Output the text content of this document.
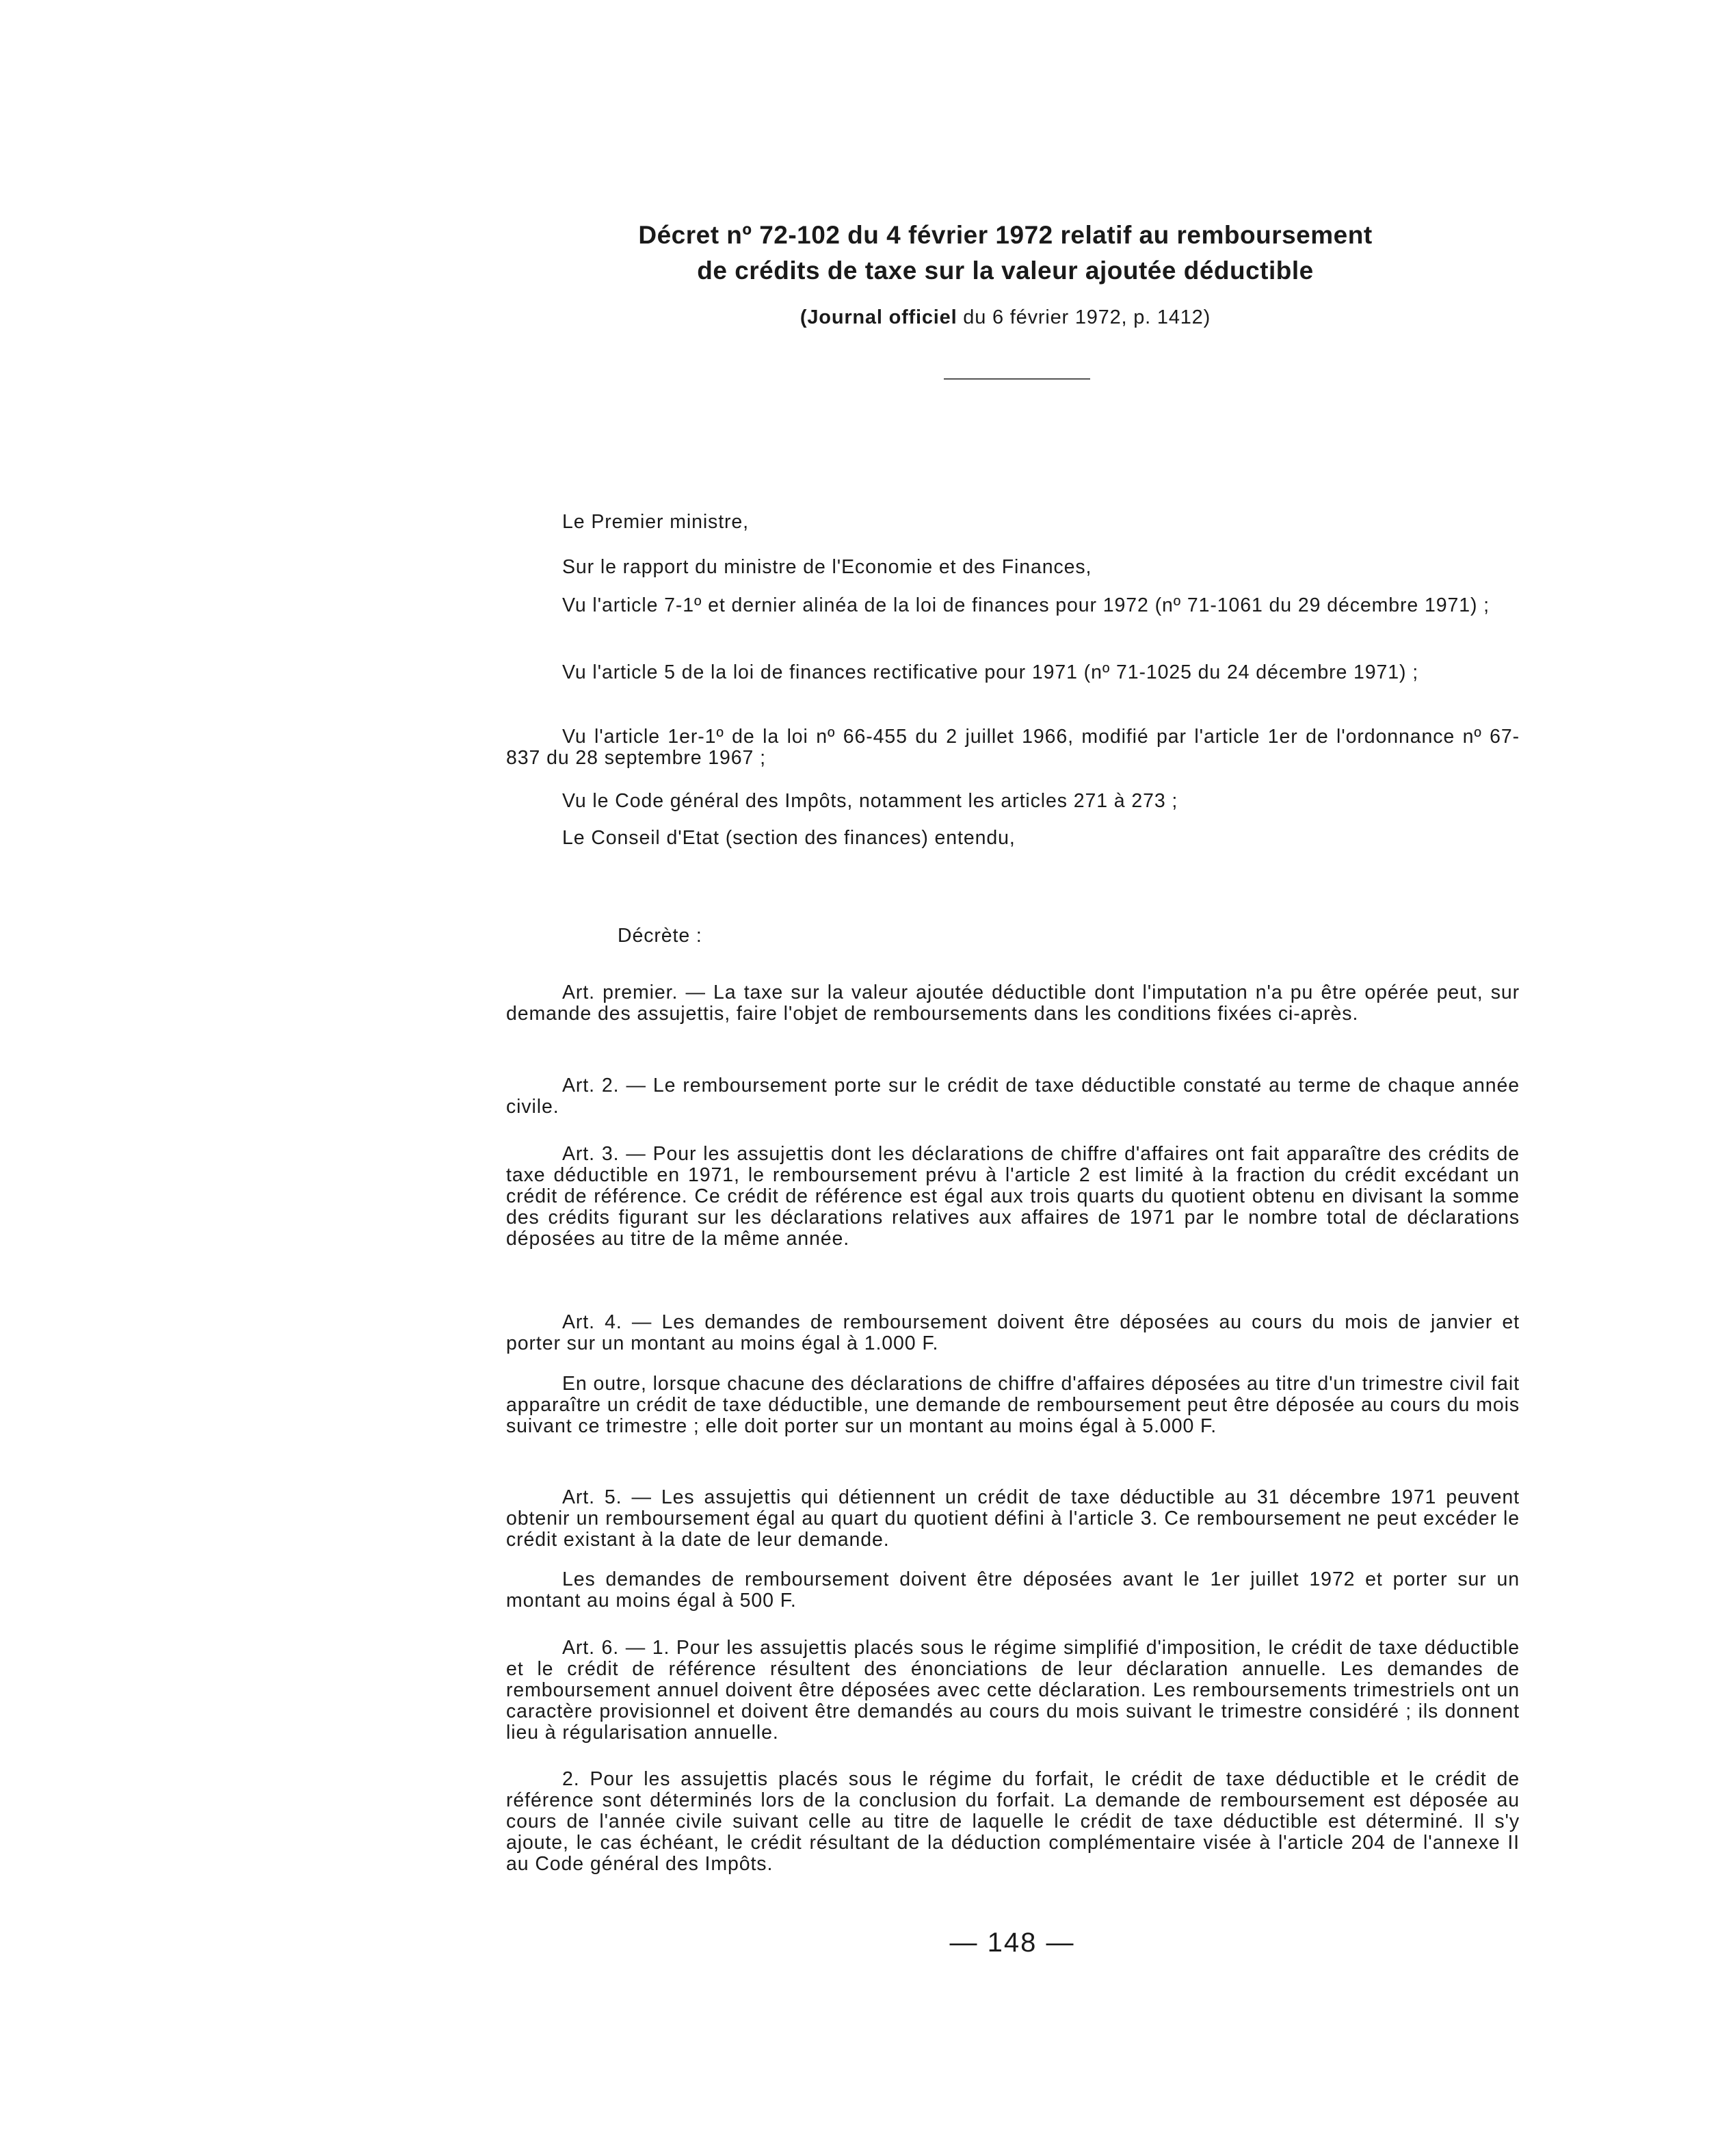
Décret nº 72-102 du 4 février 1972 relatif au remboursement
de crédits de taxe sur la valeur ajoutée déductible
(Journal officiel du 6 février 1972, p. 1412)
Le Premier ministre,
Sur le rapport du ministre de l'Economie et des Finances,
Vu l'article 7-1º et dernier alinéa de la loi de finances pour 1972 (nº 71-1061 du 29 décembre 1971) ;
Vu l'article 5 de la loi de finances rectificative pour 1971 (nº 71-1025 du 24 décembre 1971) ;
Vu l'article 1er-1º de la loi nº 66-455 du 2 juillet 1966, modifié par l'article 1er de l'ordonnance nº 67-837 du 28 septembre 1967 ;
Vu le Code général des Impôts, notamment les articles 271 à 273 ;
Le Conseil d'Etat (section des finances) entendu,
Décrète :
Art. premier. — La taxe sur la valeur ajoutée déductible dont l'imputation n'a pu être opérée peut, sur demande des assujettis, faire l'objet de remboursements dans les conditions fixées ci-après.
Art. 2. — Le remboursement porte sur le crédit de taxe déductible constaté au terme de chaque année civile.
Art. 3. — Pour les assujettis dont les déclarations de chiffre d'affaires ont fait apparaître des crédits de taxe déductible en 1971, le remboursement prévu à l'article 2 est limité à la fraction du crédit excédant un crédit de référence. Ce crédit de référence est égal aux trois quarts du quotient obtenu en divisant la somme des crédits figurant sur les déclarations relatives aux affaires de 1971 par le nombre total de déclarations déposées au titre de la même année.
Art. 4. — Les demandes de remboursement doivent être déposées au cours du mois de janvier et porter sur un montant au moins égal à 1.000 F.
En outre, lorsque chacune des déclarations de chiffre d'affaires déposées au titre d'un trimestre civil fait apparaître un crédit de taxe déductible, une demande de remboursement peut être déposée au cours du mois suivant ce trimestre ; elle doit porter sur un montant au moins égal à 5.000 F.
Art. 5. — Les assujettis qui détiennent un crédit de taxe déductible au 31 décembre 1971 peuvent obtenir un remboursement égal au quart du quotient défini à l'article 3. Ce remboursement ne peut excéder le crédit existant à la date de leur demande.
Les demandes de remboursement doivent être déposées avant le 1er juillet 1972 et porter sur un montant au moins égal à 500 F.
Art. 6. — 1. Pour les assujettis placés sous le régime simplifié d'imposition, le crédit de taxe déductible et le crédit de référence résultent des énonciations de leur déclaration annuelle. Les demandes de remboursement annuel doivent être déposées avec cette déclaration. Les remboursements trimestriels ont un caractère provisionnel et doivent être demandés au cours du mois suivant le trimestre considéré ; ils donnent lieu à régularisation annuelle.
2. Pour les assujettis placés sous le régime du forfait, le crédit de taxe déductible et le crédit de référence sont déterminés lors de la conclusion du forfait. La demande de remboursement est déposée au cours de l'année civile suivant celle au titre de laquelle le crédit de taxe déductible est déterminé. Il s'y ajoute, le cas échéant, le crédit résultant de la déduction complémentaire visée à l'article 204 de l'annexe II au Code général des Impôts.
— 148 —
